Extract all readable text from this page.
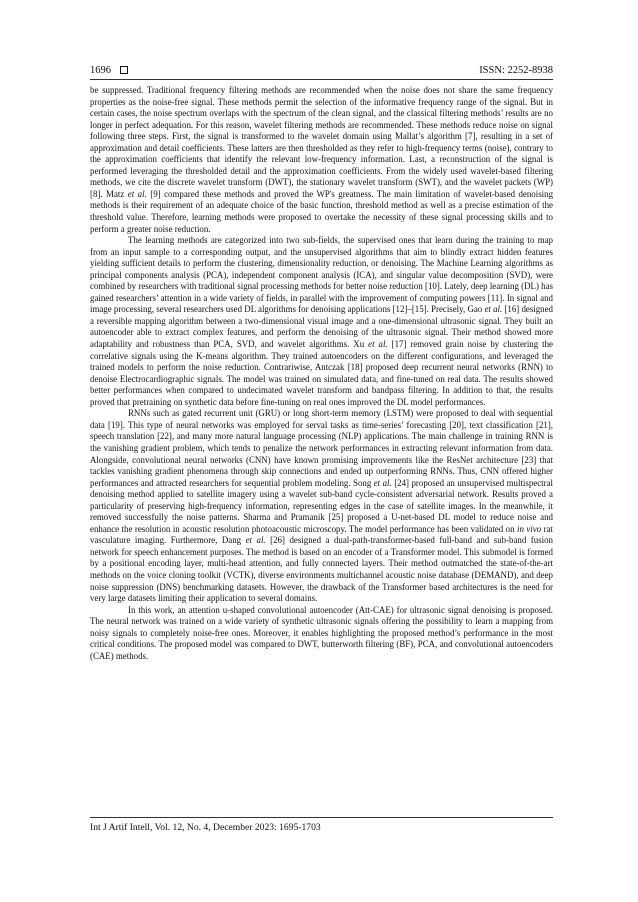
1696	ISSN: 2252-8938

be suppressed. Traditional frequency filtering methods are recommended when the noise does not share the same frequency properties as the noise-free signal. These methods permit the selection of the informative frequency range of the signal. But in certain cases, the noise spectrum overlaps with the spectrum of the clean signal, and the classical filtering methods’ results are no longer in perfect adequation. For this reason, wavelet filtering methods are recommended. These methods reduce noise on signal following three steps. First, the signal is transformed to the wavelet domain using Mallat’s algorithm [7], resulting in a set of approximation and detail coefficients. These latters are then thresholded as they refer to high-frequency terms (noise), contrary to the approximation coefficients that identify the relevant low-frequency information. Last, a reconstruction of the signal is performed leveraging the thresholded detail and the approximation coefficients. From the widely used wavelet-based filtering methods, we cite the discrete wavelet transform (DWT), the stationary wavelet transform (SWT), and the wavelet packets (WP) [8]. Matz et al. [9] compared these methods and proved the WP's greatness. The main limitation of wavelet-based denoising methods is their requirement of an adequate choice of the basic function, threshold method as well as a precise estimation of the threshold value. Therefore, learning methods were proposed to overtake the necessity of these signal processing skills and to perform a greater noise reduction.

The learning methods are categorized into two sub-fields, the supervised ones that learn during the training to map from an input sample to a corresponding output, and the unsupervised algorithms that aim to blindly extract hidden features yielding sufficient details to perform the clustering, dimensionality reduction, or denoising. The Machine Learning algorithms as principal components analysis (PCA), independent component analysis (ICA), and singular value decomposition (SVD), were combined by researchers with traditional signal processing methods for better noise reduction [10]. Lately, deep learning (DL) has gained researchers’ attention in a wide variety of fields, in parallel with the improvement of computing powers [11]. In signal and image processing, several researchers used DL algorithms for denoising applications [12]–[15]. Precisely, Gao et al. [16] designed a reversible mapping algorithm between a two-dimensional visual image and a one-dimensional ultrasonic signal. They built an autoencoder able to extract complex features, and perform the denoising of the ultrasonic signal. Their method showed more adaptability and robustness than PCA, SVD, and wavelet algorithms. Xu et al. [17] removed grain noise by clustering the correlative signals using the K-means algorithm. They trained autoencoders on the different configurations, and leveraged the trained models to perform the noise reduction. Contrariwise, Antczak [18] proposed deep recurrent neural networks (RNN) to denoise Electrocardiographic signals. The model was trained on simulated data, and fine-tuned on real data. The results showed better performances when compared to undecimated wavelet transform and bandpass filtering. In addition to that, the results proved that pretraining on synthetic data before fine-tuning on real ones improved the DL model performances.

RNNs such as gated recurrent unit (GRU) or long short-term memory (LSTM) were proposed to deal with sequential data [19]. This type of neural networks was employed for serval tasks as time-series’ forecasting [20], text classification [21], speech translation [22], and many more natural language processing (NLP) applications. The main challenge in training RNN is the vanishing gradient problem, which tends to penalize the network performances in extracting relevant information from data. Alongside, convolutional neural networks (CNN) have known promising improvements like the ResNet architecture [23] that tackles vanishing gradient phenomena through skip connections and ended up outperforming RNNs. Thus, CNN offered higher performances and attracted researchers for sequential problem modeling. Song et al. [24] proposed an unsupervised multispectral denoising method applied to satellite imagery using a wavelet sub-band cycle-consistent adversarial network. Results proved a particularity of preserving high-frequency information, representing edges in the case of satellite images. In the meanwhile, it removed successfully the noise patterns. Sharma and Pramanik [25] proposed a U-net-based DL model to reduce noise and enhance the resolution in acoustic resolution photoacoustic microscopy. The model performance has been validated on in vivo rat vasculature imaging. Furthermore, Dang et al. [26] designed a dual-path-transformer-based full-band and sub-band fusion network for speech enhancement purposes. The method is based on an encoder of a Transformer model. This submodel is formed by a positional encoding layer, multi-head attention, and fully connected layers. Their method outmatched the state-of-the-art methods on the voice cloning toolkit (VCTK), diverse environments multichannel acoustic noise database (DEMAND), and deep noise suppression (DNS) benchmarking datasets. However, the drawback of the Transformer based architectures is the need for very large datasets limiting their application to several domains.

In this work, an attention u-shaped convolutional autoencoder (Att-CAE) for ultrasonic signal denoising is proposed. The neural network was trained on a wide variety of synthetic ultrasonic signals offering the possibility to learn a mapping from noisy signals to completely noise-free ones. Moreover, it enables highlighting the proposed method’s performance in the most critical conditions. The proposed model was compared to DWT, butterworth filtering (BF), PCA, and convolutional autoencoders (CAE) methods.

Int J Artif Intell, Vol. 12, No. 4, December 2023: 1695-1703
